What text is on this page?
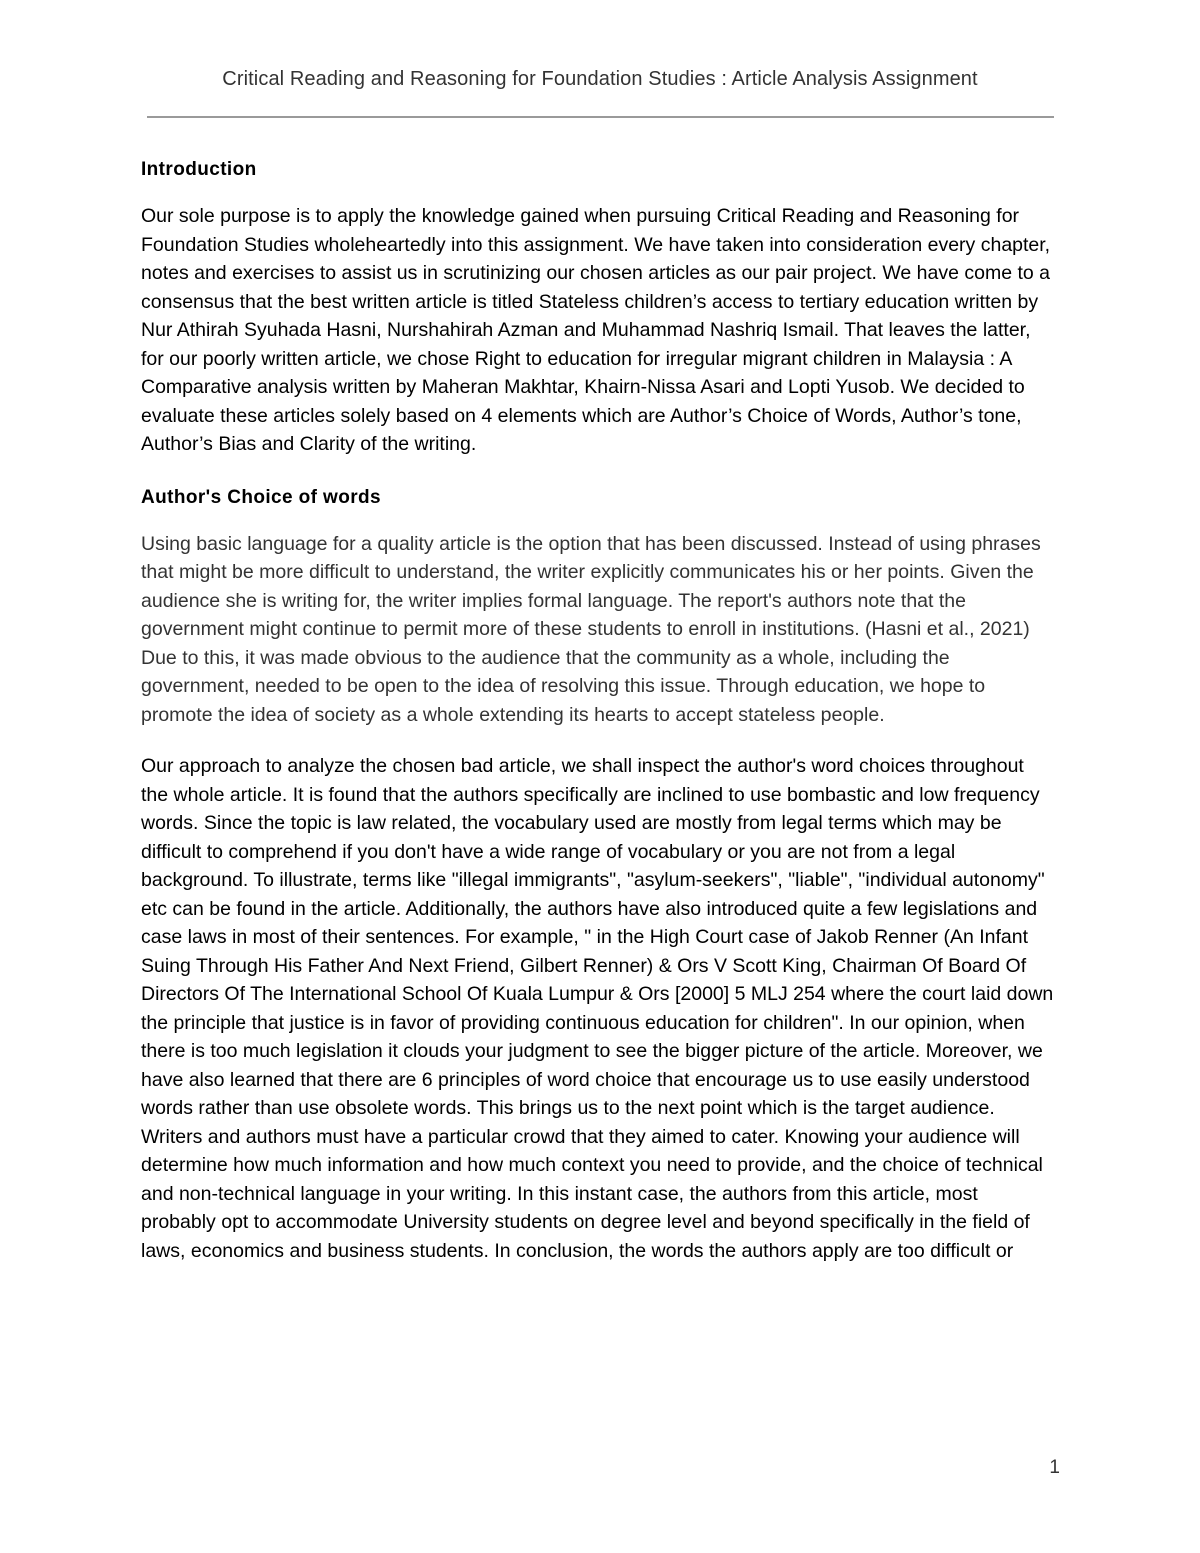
Critical Reading and Reasoning for Foundation Studies : Article Analysis Assignment
Introduction

Our sole purpose is to apply the knowledge gained when pursuing Critical Reading and Reasoning for Foundation Studies wholeheartedly into this assignment. We have taken into consideration every chapter, notes and exercises to assist us in scrutinizing our chosen articles as our pair project. We have come to a consensus that the best written article is titled Stateless children’s access to tertiary education written by Nur Athirah Syuhada Hasni, Nurshahirah Azman and Muhammad Nashriq Ismail. That leaves the latter, for our poorly written article, we chose Right to education for irregular migrant children in Malaysia : A Comparative analysis written by Maheran Makhtar, Khairn-Nissa Asari and Lopti Yusob. We decided to evaluate these articles solely based on 4 elements which are Author’s Choice of Words, Author’s tone, Author’s Bias and Clarity of the writing.

Author's Choice of words

Using basic language for a quality article is the option that has been discussed. Instead of using phrases that might be more difficult to understand, the writer explicitly communicates his or her points. Given the audience she is writing for, the writer implies formal language. The report's authors note that the government might continue to permit more of these students to enroll in institutions. (Hasni et al., 2021) Due to this, it was made obvious to the audience that the community as a whole, including the government, needed to be open to the idea of resolving this issue. Through education, we hope to promote the idea of society as a whole extending its hearts to accept stateless people.

Our approach to analyze the chosen bad article, we shall inspect the author's word choices throughout the whole article. It is found that the authors specifically are inclined to use bombastic and low frequency words. Since the topic is law related, the vocabulary used are mostly from legal terms which may be difficult to comprehend if you don't have a wide range of vocabulary or you are not from a legal background. To illustrate, terms like "illegal immigrants", "asylum-seekers", "liable", "individual autonomy" etc can be found in the article. Additionally, the authors have also introduced quite a few legislations and case laws in most of their sentences. For example, " in the High Court case of Jakob Renner (An Infant Suing Through His Father And Next Friend, Gilbert Renner) & Ors V Scott King, Chairman Of Board Of Directors Of The International School Of Kuala Lumpur & Ors [2000] 5 MLJ 254 where the court laid down the principle that justice is in favor of providing continuous education for children". In our opinion, when there is too much legislation it clouds your judgment to see the bigger picture of the article. Moreover, we have also learned that there are 6 principles of word choice that encourage us to use easily understood words rather than use obsolete words. This brings us to the next point which is the target audience. Writers and authors must have a particular crowd that they aimed to cater. Knowing your audience will determine how much information and how much context you need to provide, and the choice of technical and non-technical language in your writing. In this instant case, the authors from this article, most probably opt to accommodate University students on degree level and beyond specifically in the field of laws, economics and business students. In conclusion, the words the authors apply are too difficult or

1
